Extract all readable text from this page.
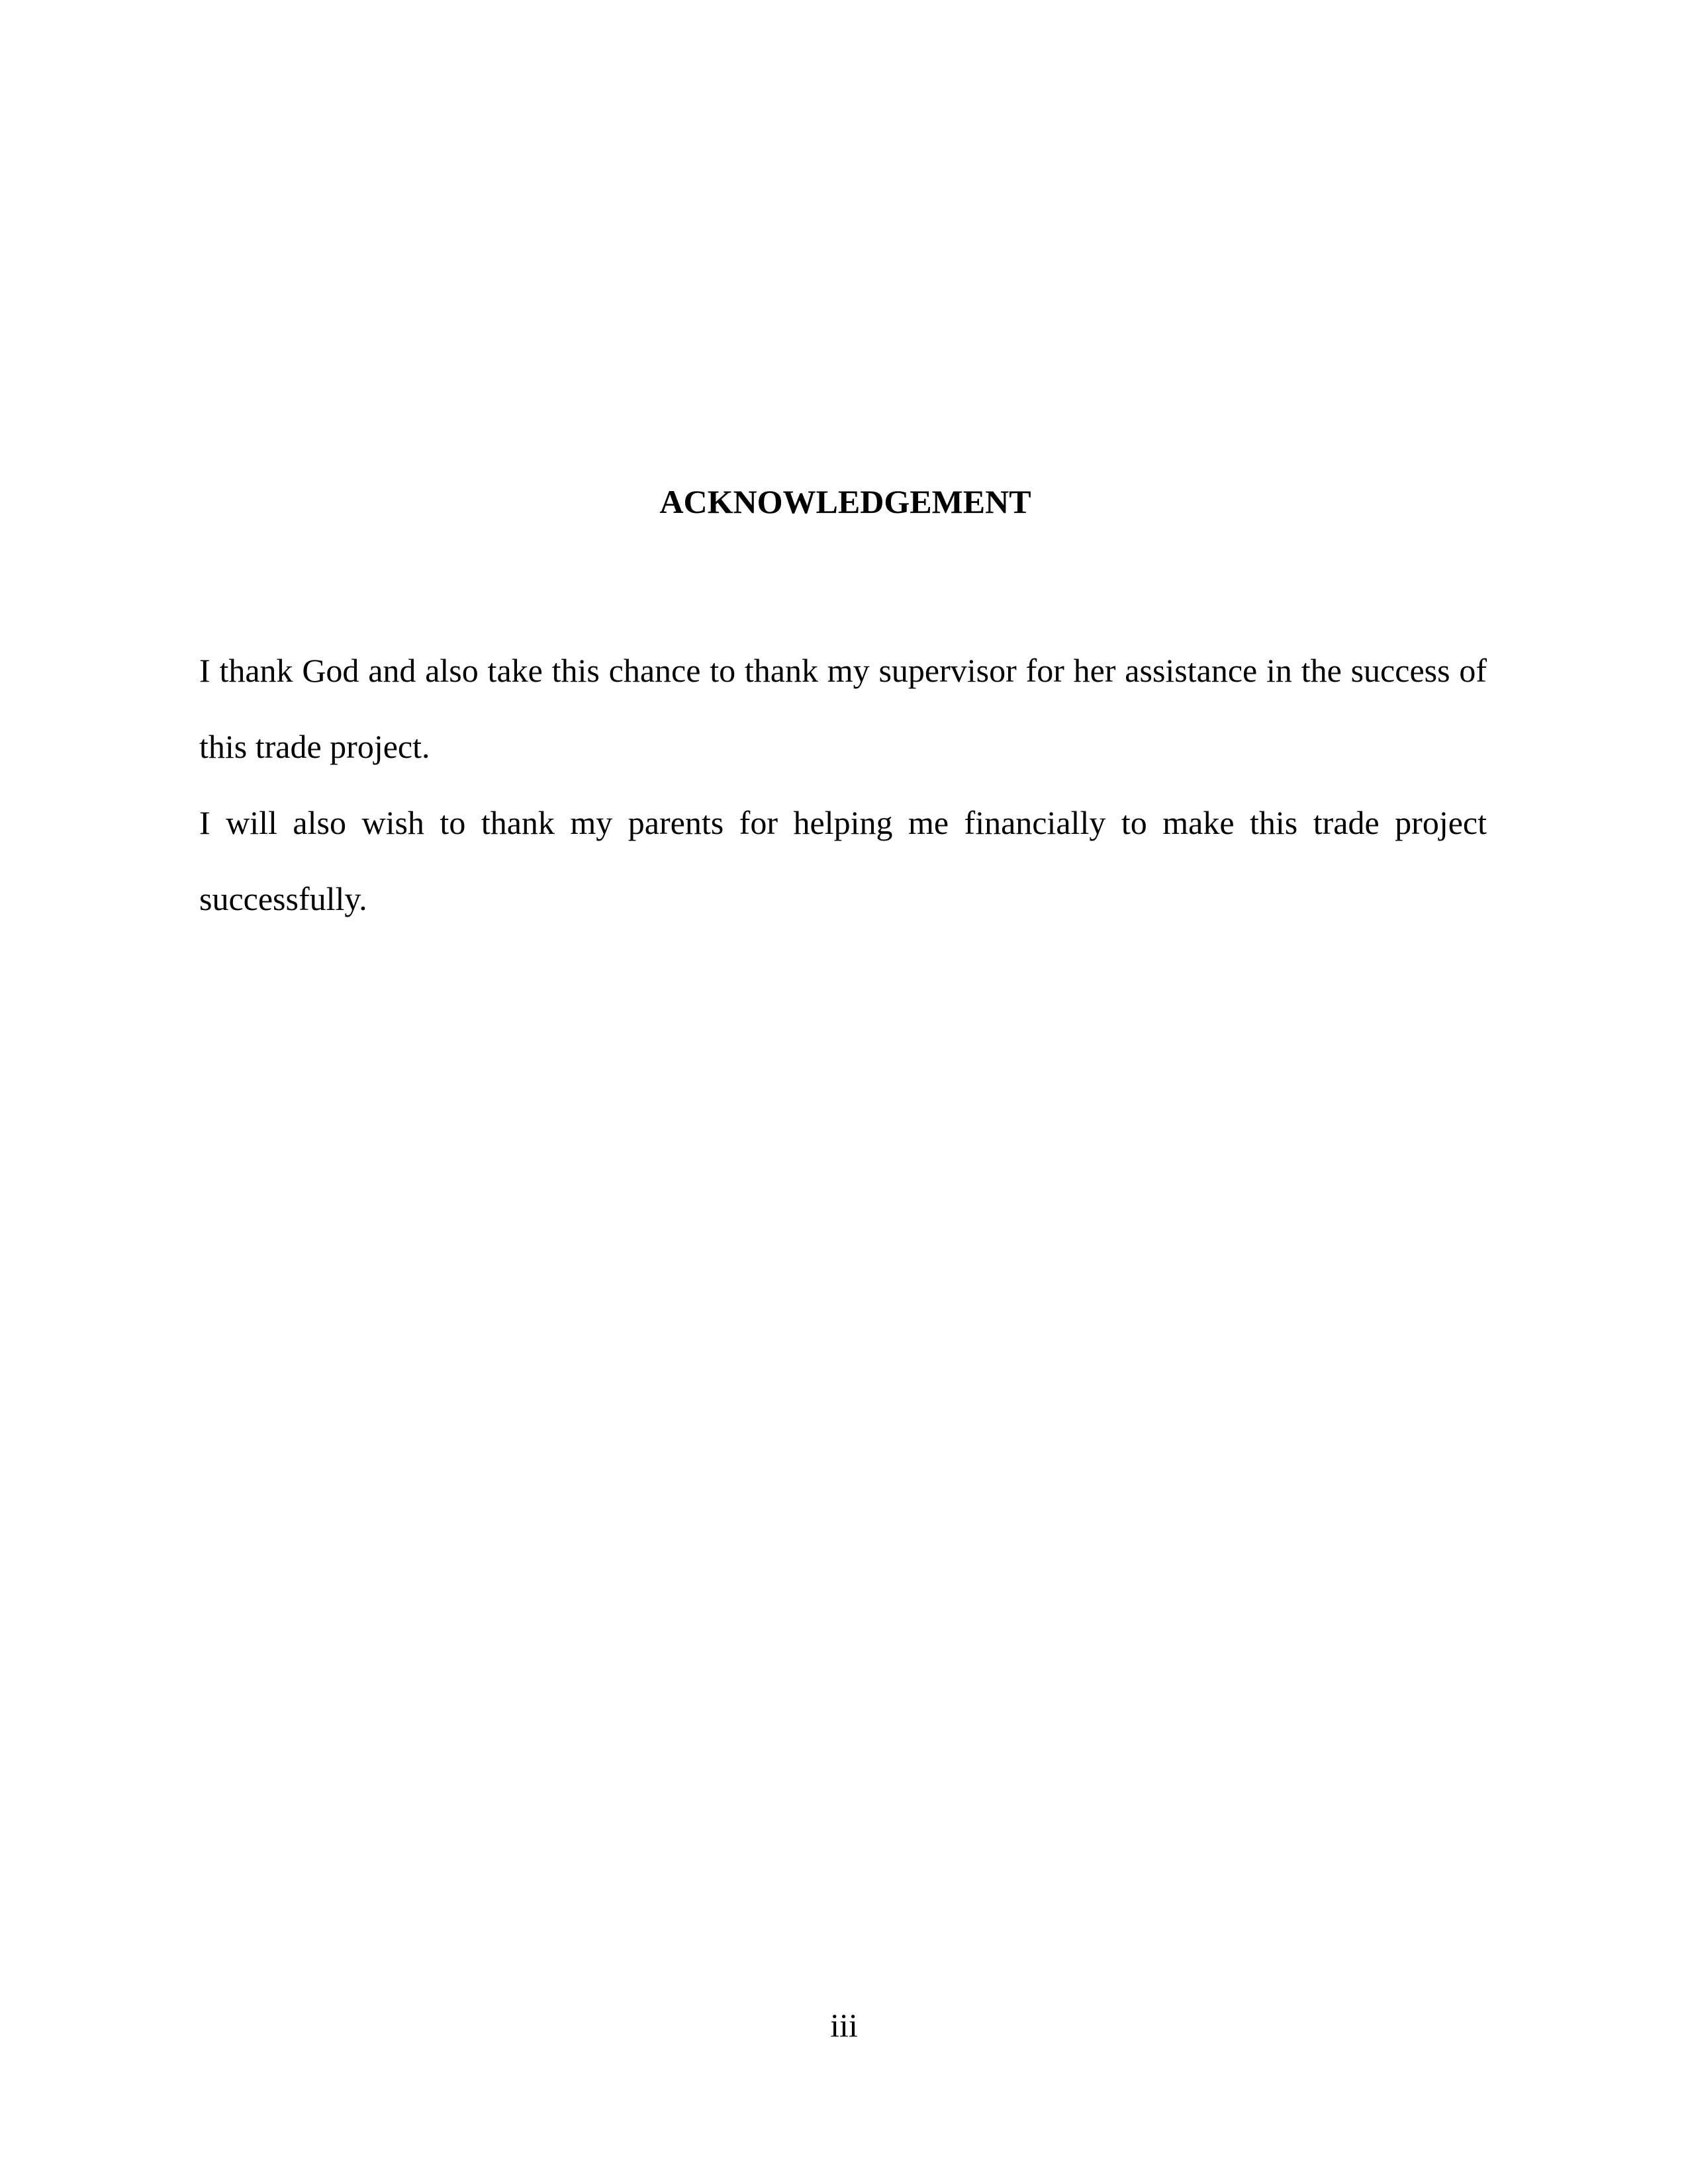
ACKNOWLEDGEMENT

I thank God and also take this chance to thank my supervisor for her assistance in the success of
this trade project.

I will also wish to thank my parents for helping me financially to make this trade project
successfully.

iii
